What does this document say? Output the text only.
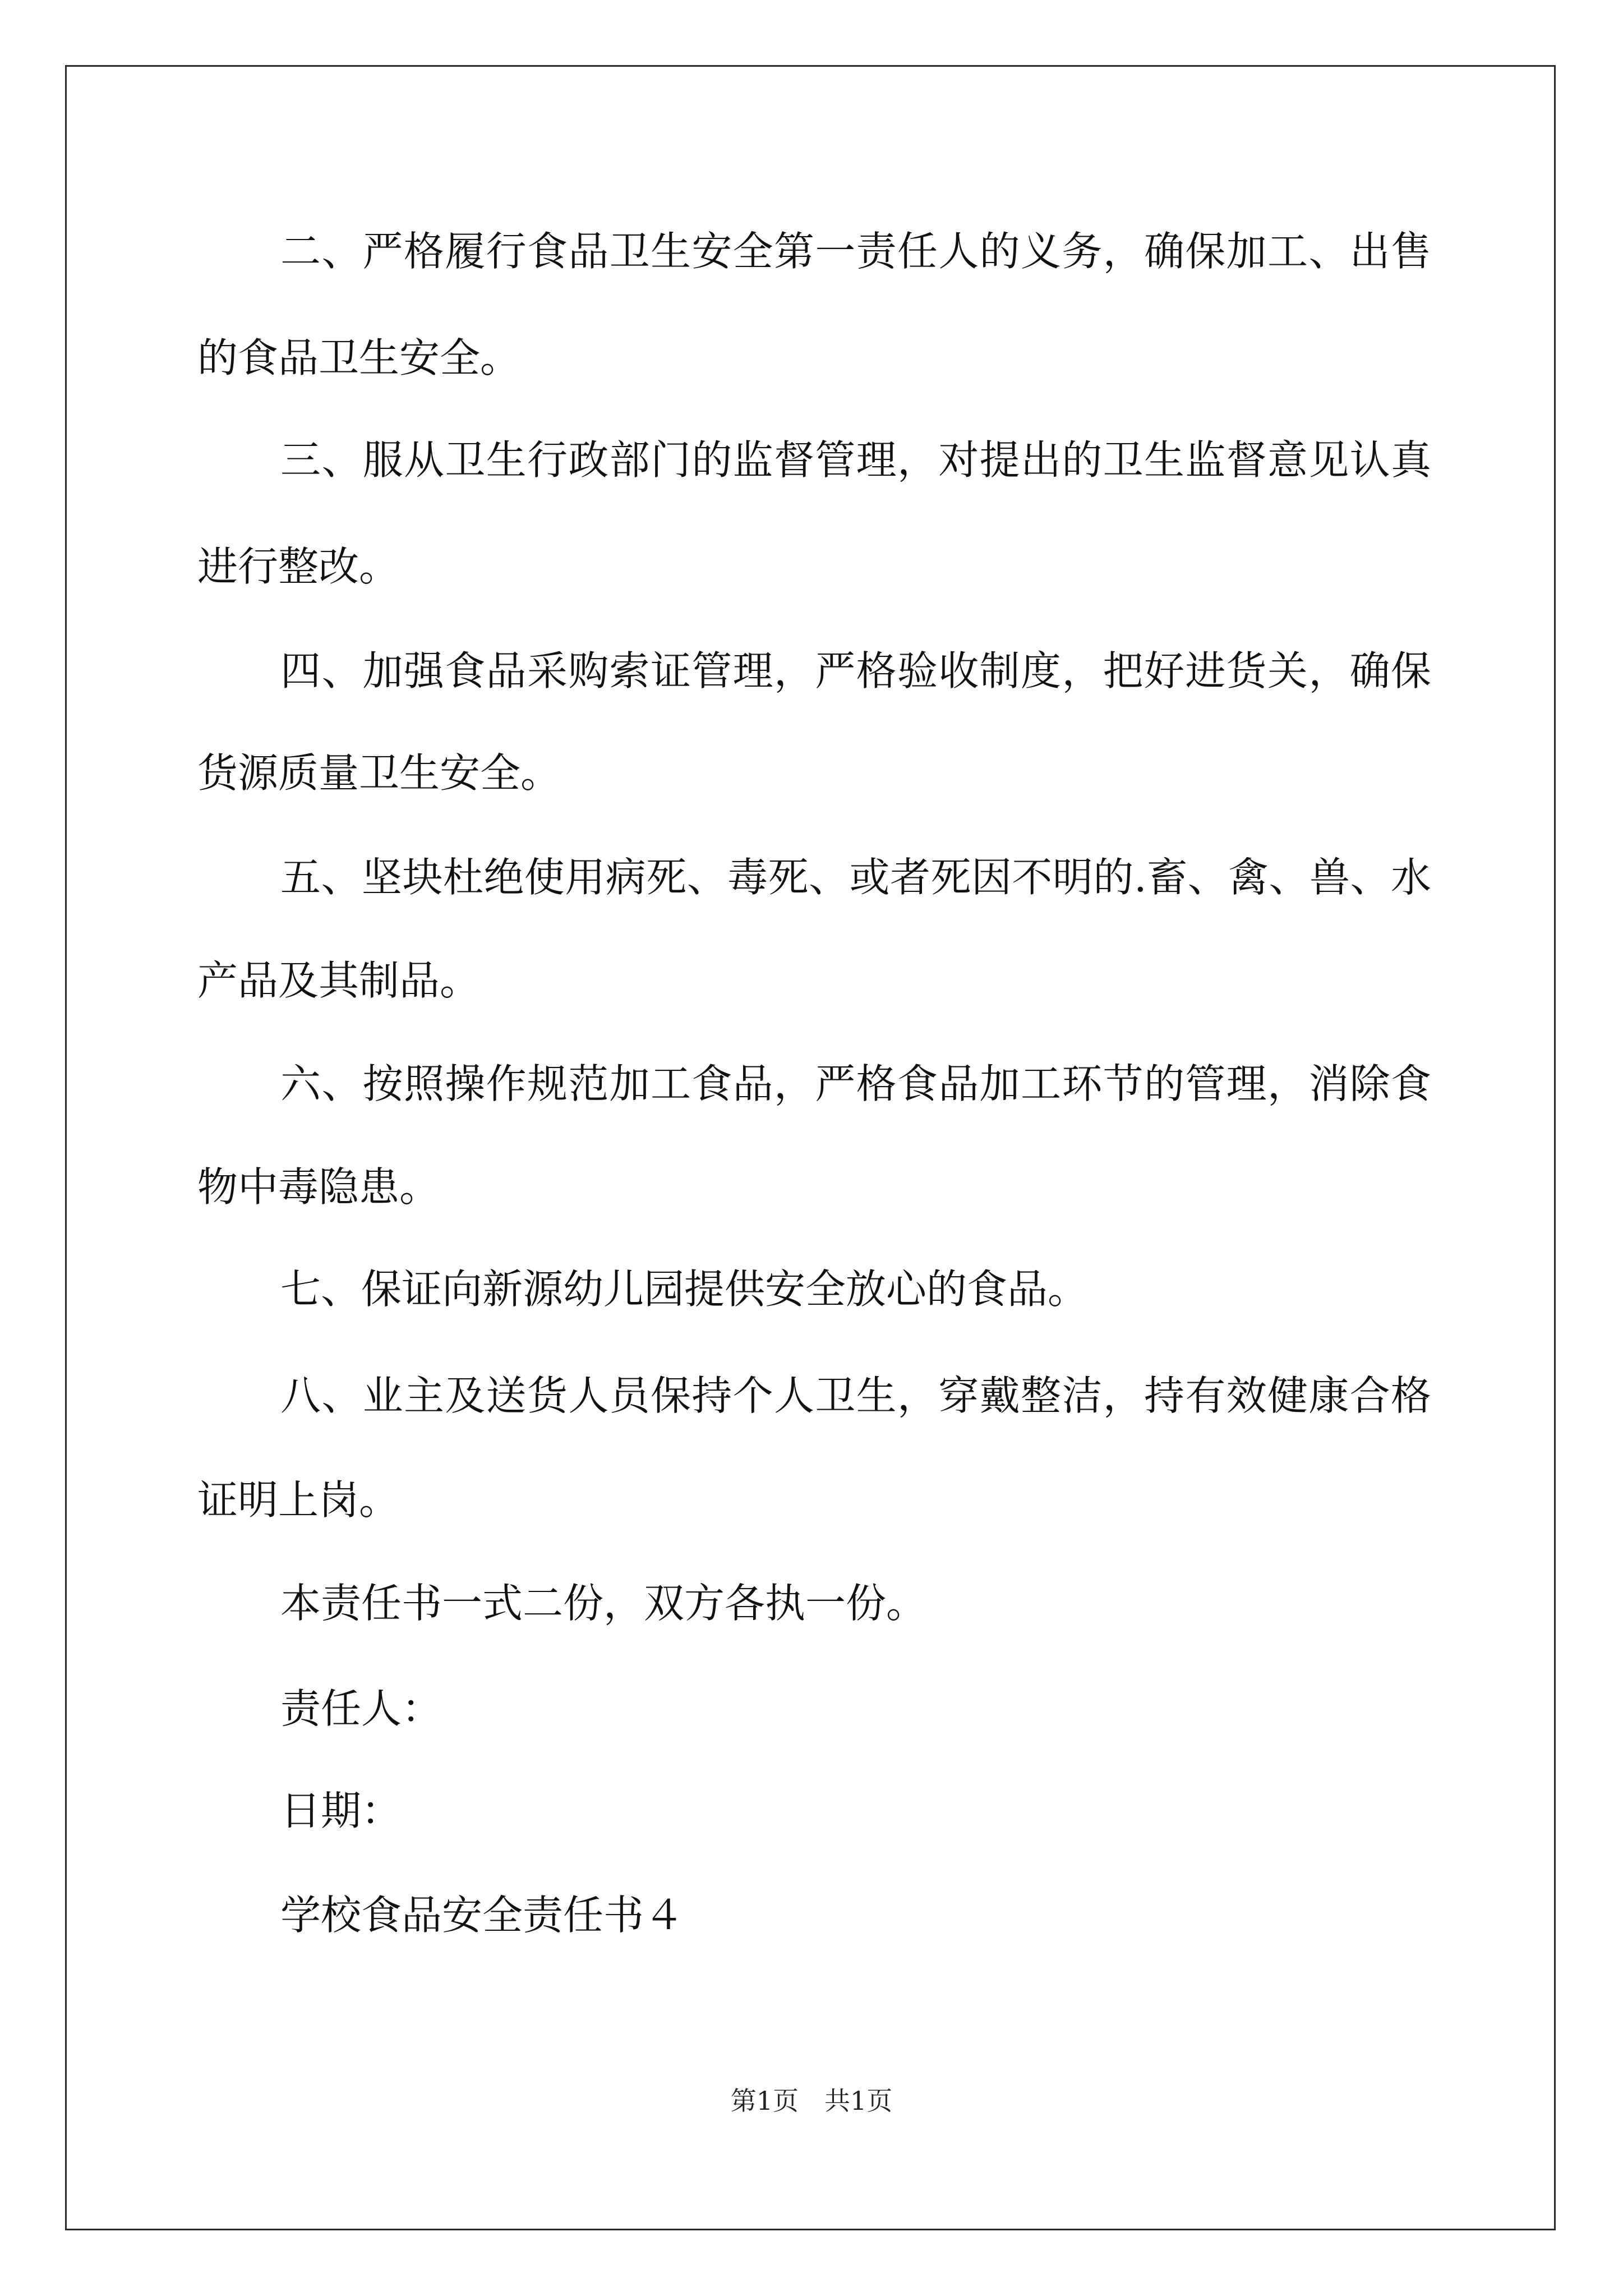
二、严格履行食品卫生安全第一责任人的义务，确保加工、出售
的食品卫生安全。
三、服从卫生行政部门的监督管理，对提出的卫生监督意见认真
进行整改。
四、加强食品采购索证管理，严格验收制度，把好进货关，确保
货源质量卫生安全。
五、坚块杜绝使用病死、毒死、或者死因不明的.畜、禽、兽、水
产品及其制品。
六、按照操作规范加工食品，严格食品加工环节的管理，消除食
物中毒隐患。
七、保证向新源幼儿园提供安全放心的食品。
八、业主及送货人员保持个人卫生，穿戴整洁，持有效健康合格
证明上岗。
本责任书一式二份，双方各执一份。
责任人：
日期：
学校食品安全责任书４
第1页　共1页
